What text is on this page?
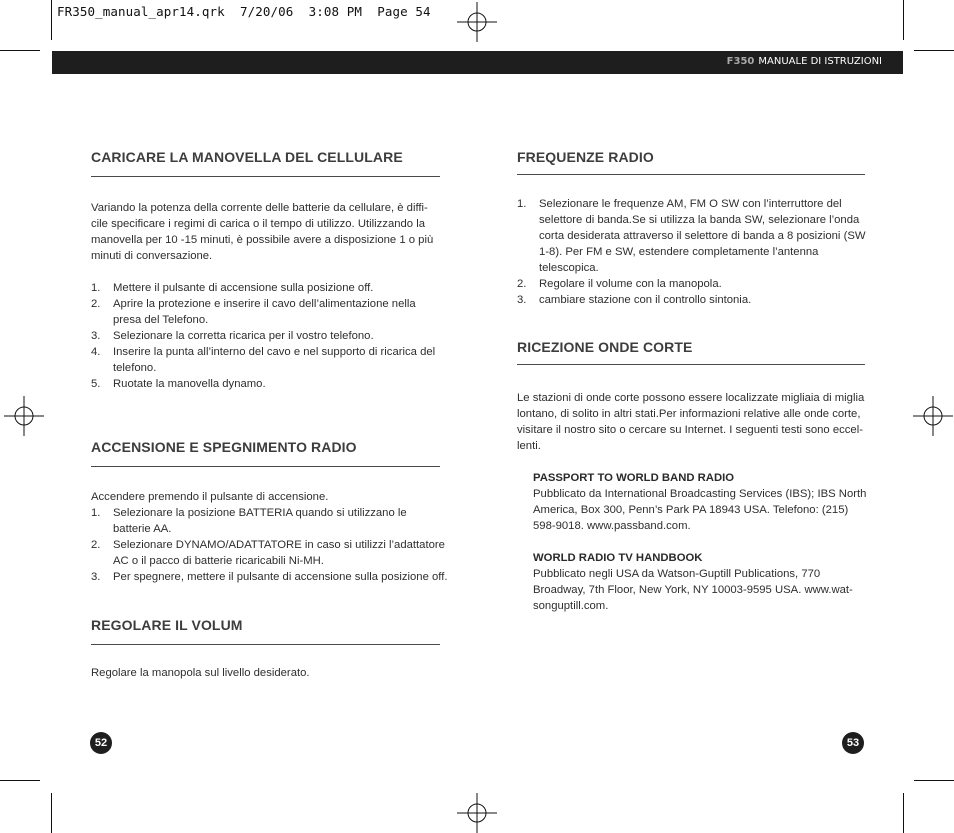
FR350_manual_apr14.qrk  7/20/06  3:08 PM  Page 54
F350 MANUALE DI ISTRUZIONI
CARICARE LA MANOVELLA DEL CELLULARE

Variando la potenza della corrente delle batterie da cellulare, è diffi-

cile specificare i regimi di carica o il tempo di utilizzo. Utilizzando la

manovella per 10 -15 minuti, è possibile avere a disposizione 1 o più

minuti di conversazione.

1. Mettere il pulsante di accensione sulla posizione off.
2. Aprire la protezione e inserire il cavo dell’alimentazione nella
presa del Telefono.
3. Selezionare la corretta ricarica per il vostro telefono.
4. Inserire la punta all’interno del cavo e nel supporto di ricarica del
telefono.
5. Ruotate la manovella dynamo.
ACCENSIONE E SPEGNIMENTO RADIO

Accendere premendo il pulsante di accensione.

1. Selezionare la posizione BATTERIA quando si utilizzano le
batterie AA.
2. Selezionare DYNAMO/ADATTATORE in caso si utilizzi l’adattatore
AC o il pacco di batterie ricaricabili Ni-MH.
3. Per spegnere, mettere il pulsante di accensione sulla posizione off.
REGOLARE IL VOLUM

Regolare la manopola sul livello desiderato.

52
FREQUENZE RADIO
1. Selezionare le frequenze AM, FM O SW con l’interruttore del
selettore di banda.Se si utilizza la banda SW, selezionare l’onda
corta desiderata attraverso il selettore di banda a 8 posizioni (SW
1-8). Per FM e SW, estendere completamente l’antenna telescopica.
2. Regolare il volume con la manopola.
3. cambiare stazione con il controllo sintonia.
RICEZIONE ONDE CORTE

Le stazioni di onde corte possono essere localizzate migliaia di miglia

lontano, di solito in altri stati.Per informazioni relative alle onde corte,

visitare il nostro sito o cercare su Internet. I seguenti testi sono eccel-

lenti.

PASSPORT TO WORLD BAND RADIO

Pubblicato da International Broadcasting Services (IBS); IBS North

America, Box 300, Penn’s Park PA 18943 USA. Telefono: (215)

598-9018. www.passband.com.

WORLD RADIO TV HANDBOOK

Pubblicato negli USA da Watson-Guptill Publications, 770

Broadway, 7th Floor, New York, NY 10003-9595 USA. www.wat-

songuptill.com.

53
